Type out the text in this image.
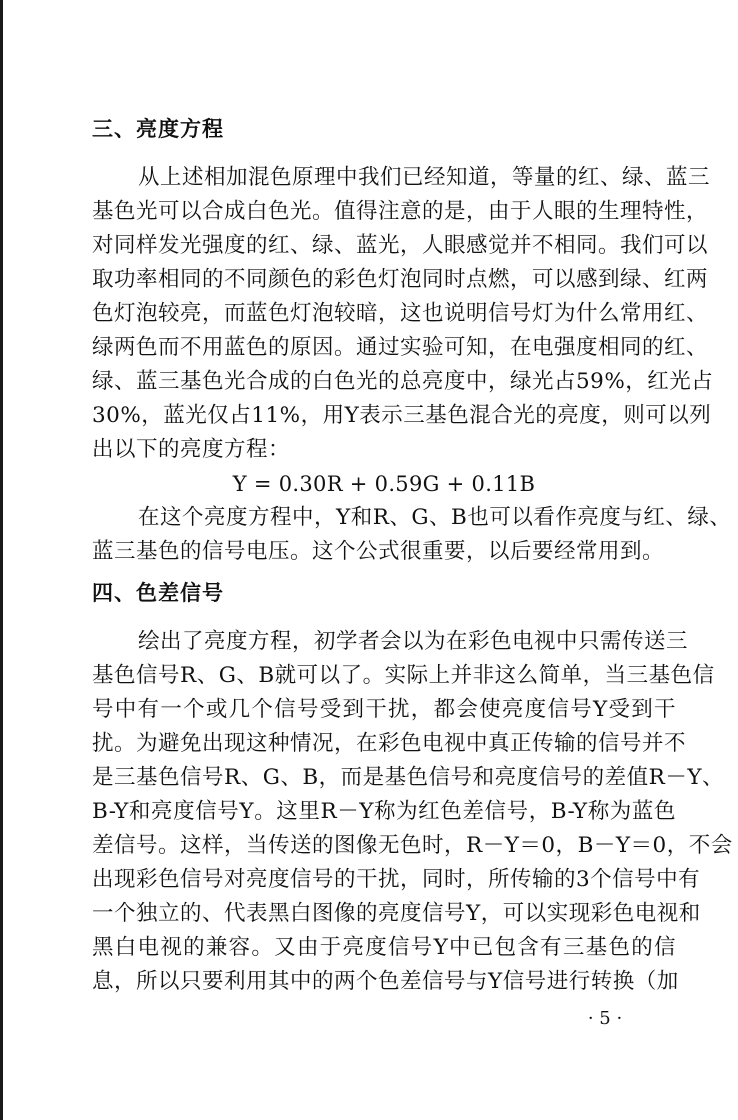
三、亮度方程
从上述相加混色原理中我们已经知道，等量的红、绿、蓝三
基色光可以合成白色光。值得注意的是，由于人眼的生理特性，
对同样发光强度的红、绿、蓝光，人眼感觉并不相同。我们可以
取功率相同的不同颜色的彩色灯泡同时点燃，可以感到绿、红两
色灯泡较亮，而蓝色灯泡较暗，这也说明信号灯为什么常用红、
绿两色而不用蓝色的原因。通过实验可知，在电强度相同的红、
绿、蓝三基色光合成的白色光的总亮度中，绿光占59%，红光占
30%，蓝光仅占11%，用Y表示三基色混合光的亮度，则可以列
出以下的亮度方程：
Y = 0.30R + 0.59G + 0.11B
在这个亮度方程中，Y和R、G、B也可以看作亮度与红、绿、
蓝三基色的信号电压。这个公式很重要，以后要经常用到。
四、色差信号
绘出了亮度方程，初学者会以为在彩色电视中只需传送三
基色信号R、G、B就可以了。实际上并非这么简单，当三基色信
号中有一个或几个信号受到干扰，都会使亮度信号Y受到干
扰。为避免出现这种情况，在彩色电视中真正传输的信号并不
是三基色信号R、G、B，而是基色信号和亮度信号的差值R－Y、
B-Y和亮度信号Y。这里R－Y称为红色差信号，B-Y称为蓝色
差信号。这样，当传送的图像无色时，R－Y＝0，B－Y＝0，不会
出现彩色信号对亮度信号的干扰，同时，所传输的3个信号中有
一个独立的、代表黑白图像的亮度信号Y，可以实现彩色电视和
黑白电视的兼容。又由于亮度信号Y中已包含有三基色的信
息，所以只要利用其中的两个色差信号与Y信号进行转换（加
· 5 ·
